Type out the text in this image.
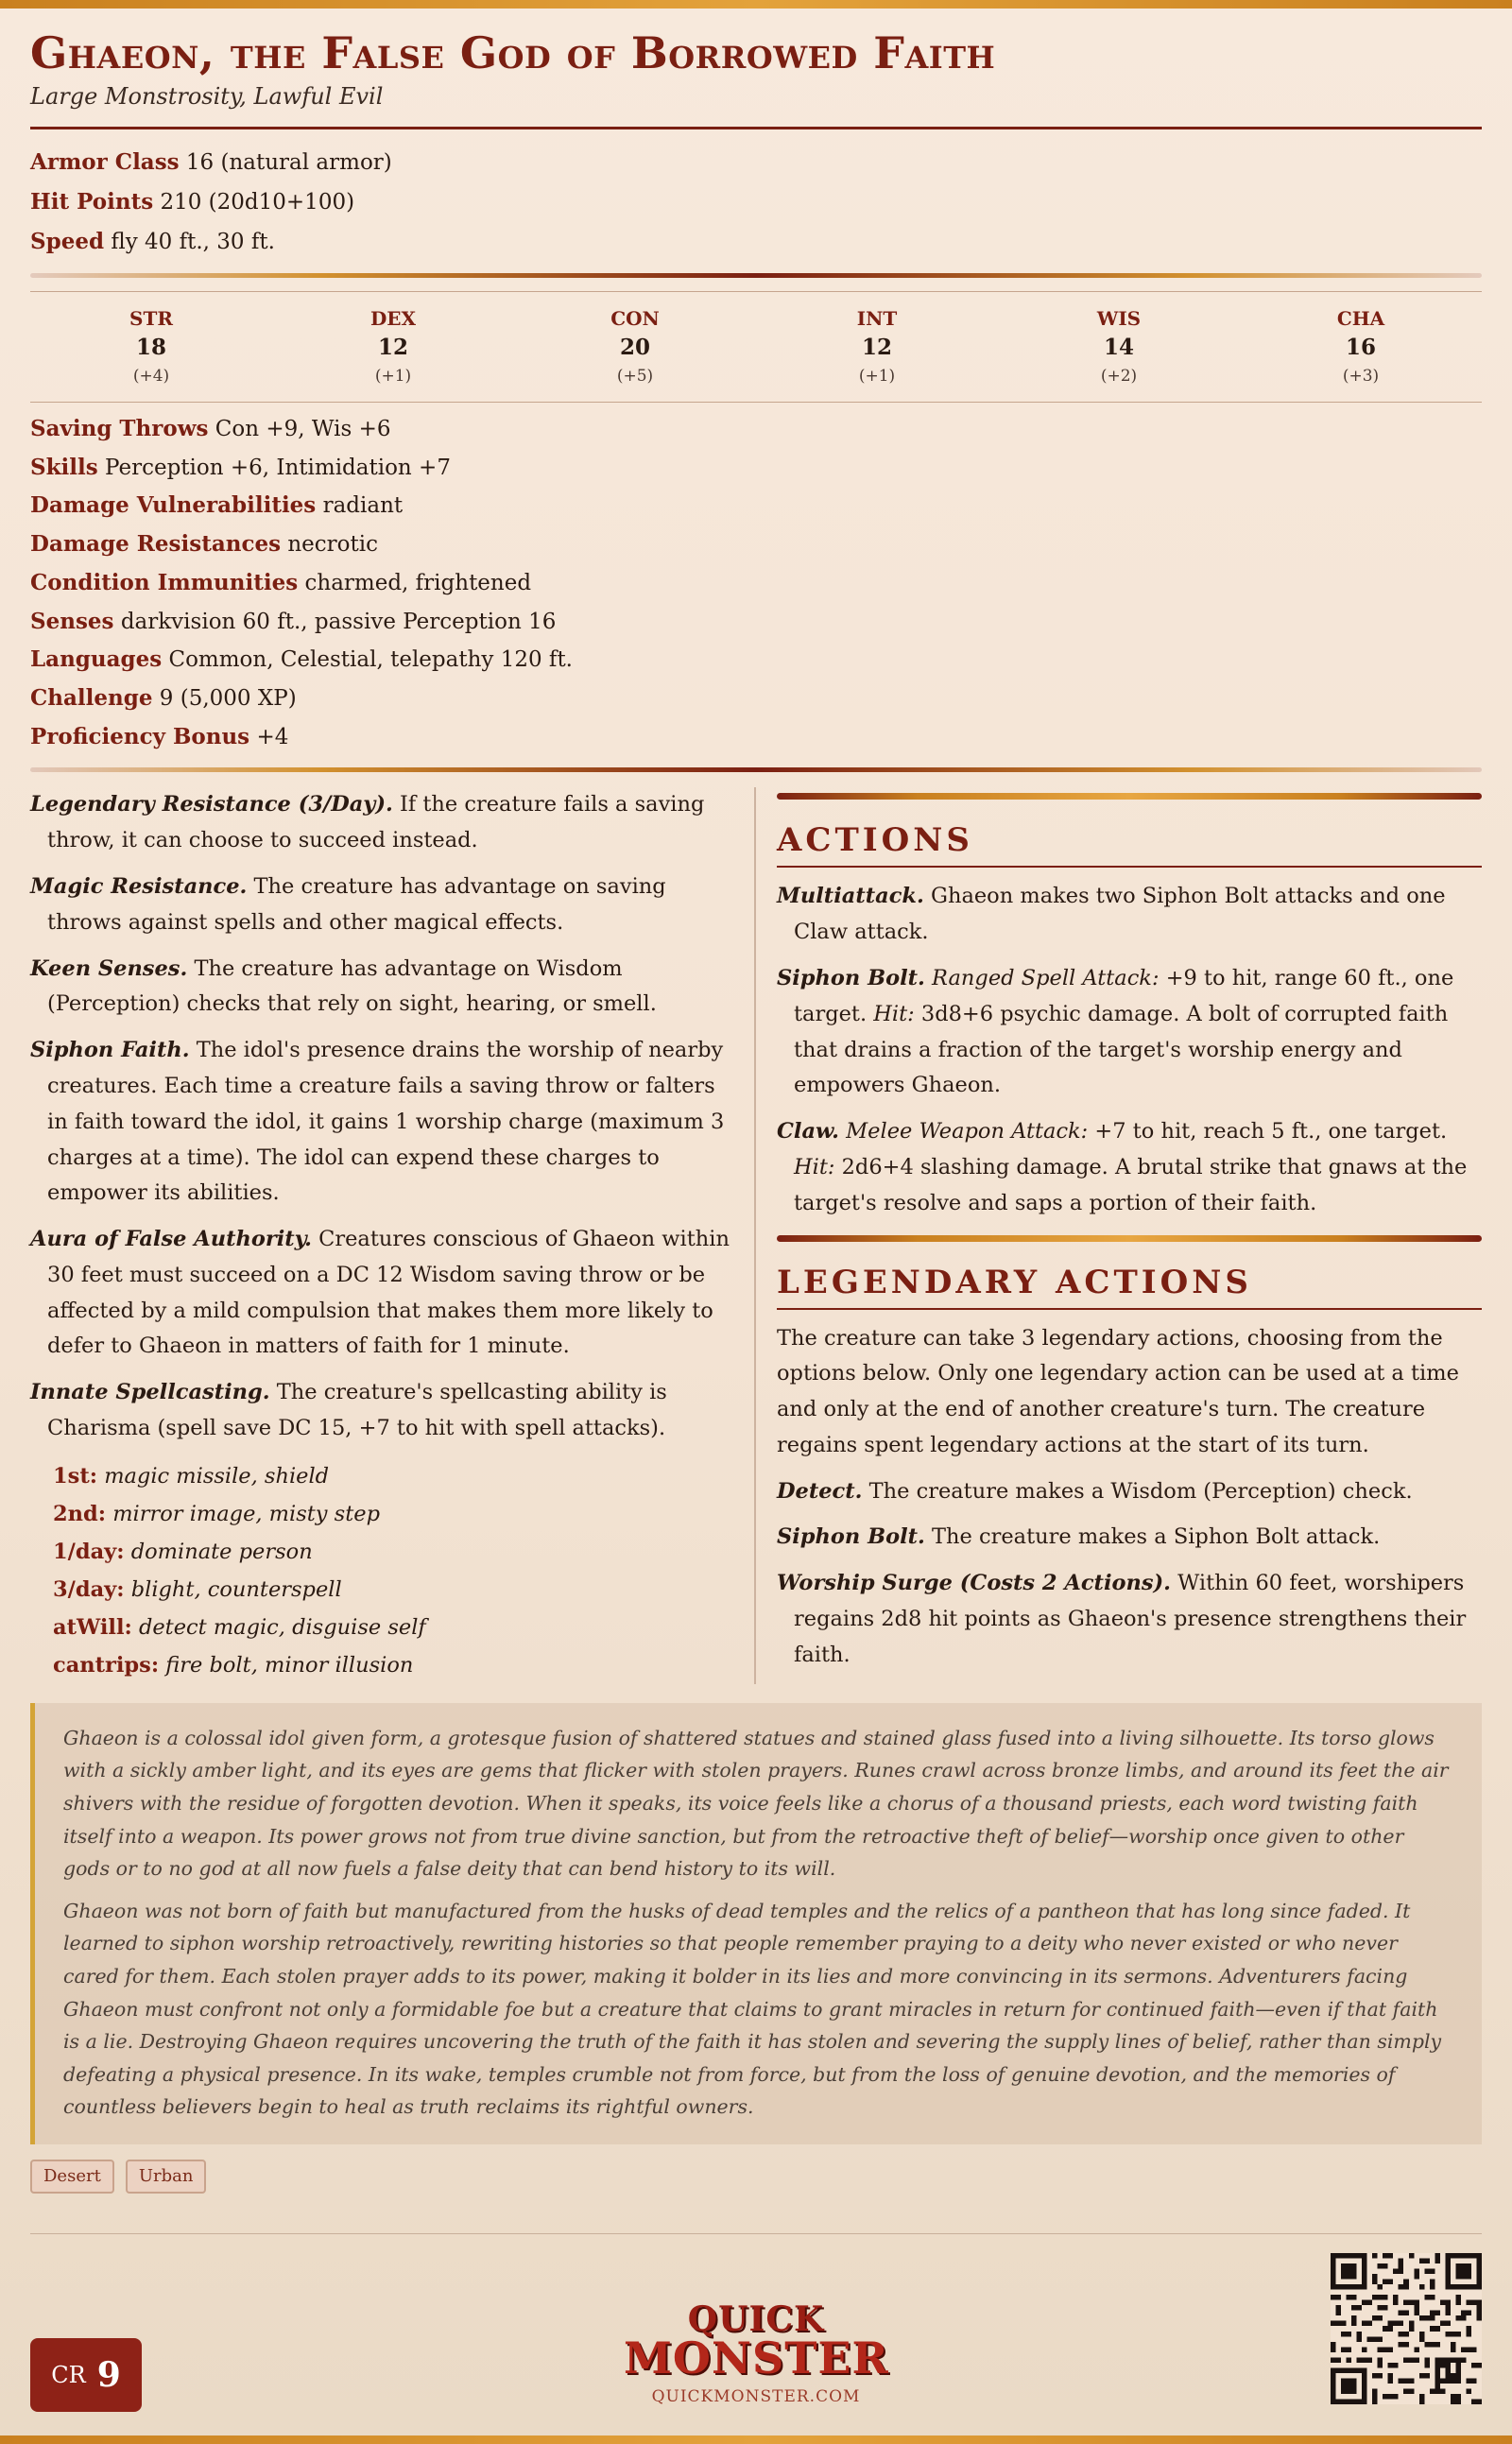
Ghaeon, the False God of Borrowed Faith
Large Monstrosity, Lawful Evil
Armor Class 16 (natural armor)
Hit Points 210 (20d10+100)
Speed fly 40 ft., 30 ft.
STR
18
(+4)
DEX
12
(+1)
CON
20
(+5)
INT
12
(+1)
WIS
14
(+2)
CHA
16
(+3)
Saving Throws Con +9, Wis +6
Skills Perception +6, Intimidation +7
Damage Vulnerabilities radiant
Damage Resistances necrotic
Condition Immunities charmed, frightened
Senses darkvision 60 ft., passive Perception 16
Languages Common, Celestial, telepathy 120 ft.
Challenge 9 (5,000 XP)
Proficiency Bonus +4
Legendary Resistance (3/Day). If the creature fails a saving throw, it can choose to succeed instead.
Magic Resistance. The creature has advantage on saving throws against spells and other magical effects.
Keen Senses. The creature has advantage on Wisdom (Perception) checks that rely on sight, hearing, or smell.
Siphon Faith. The idol's presence drains the worship of nearby creatures. Each time a creature fails a saving throw or falters in faith toward the idol, it gains 1 worship charge (maximum 3 charges at a time). The idol can expend these charges to empower its abilities.
Aura of False Authority. Creatures conscious of Ghaeon within 30 feet must succeed on a DC 12 Wisdom saving throw or be affected by a mild compulsion that makes them more likely to defer to Ghaeon in matters of faith for 1 minute.
Innate Spellcasting. The creature's spellcasting ability is Charisma (spell save DC 15, +7 to hit with spell attacks).
1st: magic missile, shield
2nd: mirror image, misty step
1/day: dominate person
3/day: blight, counterspell
atWill: detect magic, disguise self
cantrips: fire bolt, minor illusion
ACTIONS
Multiattack. Ghaeon makes two Siphon Bolt attacks and one Claw attack.
Siphon Bolt. Ranged Spell Attack: +9 to hit, range 60 ft., one target. Hit: 3d8+6 psychic damage. A bolt of corrupted faith that drains a fraction of the target's worship energy and empowers Ghaeon.
Claw. Melee Weapon Attack: +7 to hit, reach 5 ft., one target. Hit: 2d6+4 slashing damage. A brutal strike that gnaws at the target's resolve and saps a portion of their faith.
LEGENDARY ACTIONS
The creature can take 3 legendary actions, choosing from the options below. Only one legendary action can be used at a time and only at the end of another creature's turn. The creature regains spent legendary actions at the start of its turn.
Detect. The creature makes a Wisdom (Perception) check.
Siphon Bolt. The creature makes a Siphon Bolt attack.
Worship Surge (Costs 2 Actions). Within 60 feet, worshipers regains 2d8 hit points as Ghaeon's presence strengthens their faith.

Ghaeon is a colossal idol given form, a grotesque fusion of shattered statues and stained glass fused into a living silhouette. Its torso glows with a sickly amber light, and its eyes are gems that flicker with stolen prayers. Runes crawl across bronze limbs, and around its feet the air shivers with the residue of forgotten devotion. When it speaks, its voice feels like a chorus of a thousand priests, each word twisting faith itself into a weapon. Its power grows not from true divine sanction, but from the retroactive theft of belief—worship once given to other gods or to no god at all now fuels a false deity that can bend history to its will.

Ghaeon was not born of faith but manufactured from the husks of dead temples and the relics of a pantheon that has long since faded. It learned to siphon worship retroactively, rewriting histories so that people remember praying to a deity who never existed or who never cared for them. Each stolen prayer adds to its power, making it bolder in its lies and more convincing in its sermons. Adventurers facing Ghaeon must confront not only a formidable foe but a creature that claims to grant miracles in return for continued faith—even if that faith is a lie. Destroying Ghaeon requires uncovering the truth of the faith it has stolen and severing the supply lines of belief, rather than simply defeating a physical presence. In its wake, temples crumble not from force, but from the loss of genuine devotion, and the memories of countless believers begin to heal as truth reclaims its rightful owners.

Desert	Urban
CR 9
QUICK
MONSTER
QUICKMONSTER.COM
